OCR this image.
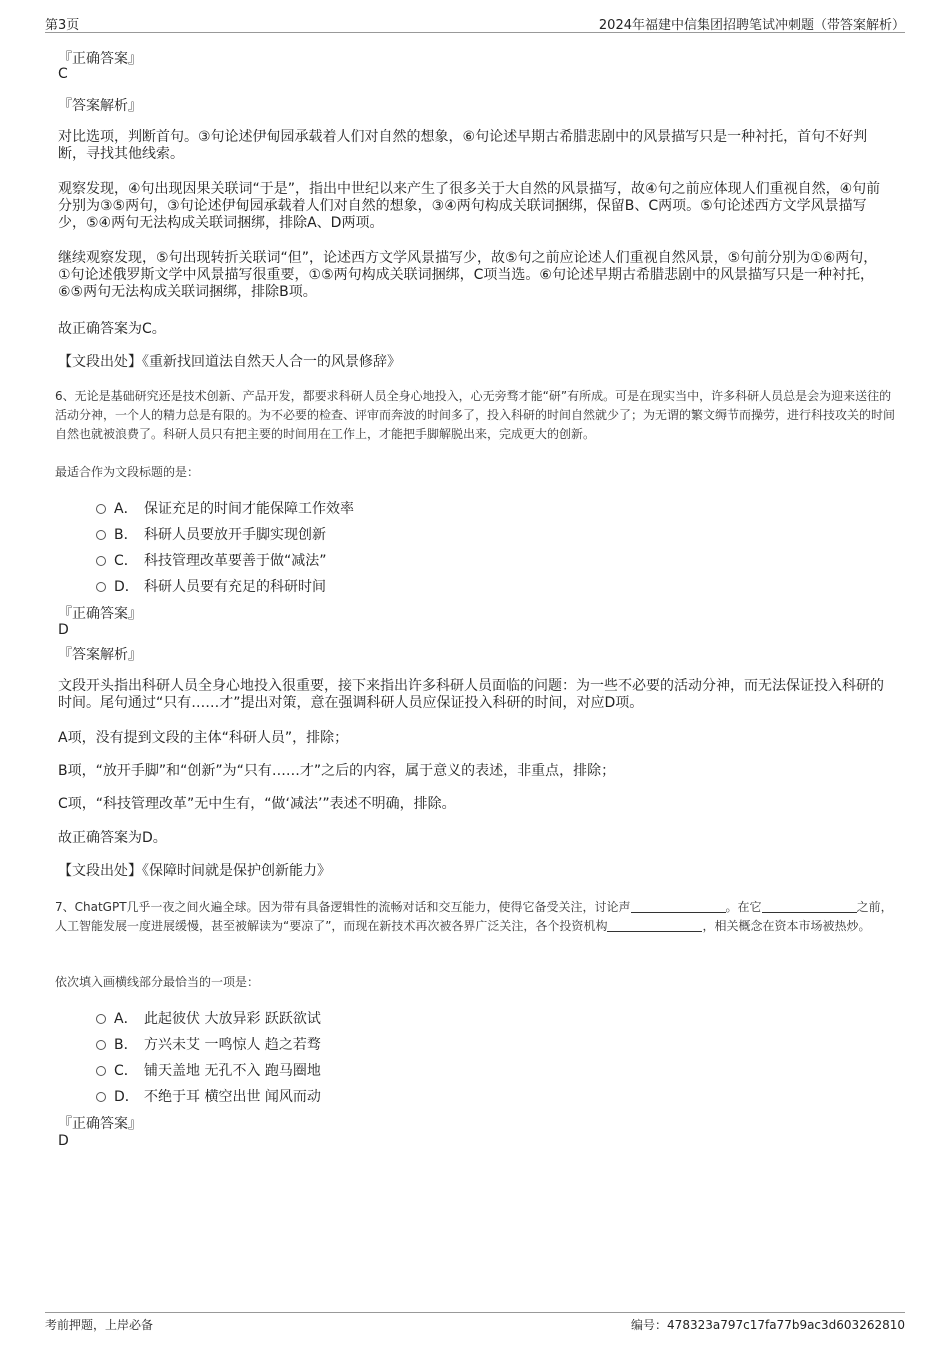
第3页	2024年福建中信集团招聘笔试冲刺题（带答案解析）
『正确答案』
C
『答案解析』
对比选项，判断首句。③句论述伊甸园承载着人们对自然的想象，⑥句论述早期古希腊悲剧中的风景描写只是一种衬托，首句不好判断，寻找其他线索。
观察发现，④句出现因果关联词“于是”，指出中世纪以来产生了很多关于大自然的风景描写，故④句之前应体现人们重视自然，④句前分别为③⑤两句，③句论述伊甸园承载着人们对自然的想象，③④两句构成关联词捆绑，保留B、C两项。⑤句论述西方文学风景描写少，⑤④两句无法构成关联词捆绑，排除A、D两项。
继续观察发现，⑤句出现转折关联词“但”，论述西方文学风景描写少，故⑤句之前应论述人们重视自然风景，⑤句前分别为①⑥两句，①句论述俄罗斯文学中风景描写很重要，①⑤两句构成关联词捆绑，C项当选。⑥句论述早期古希腊悲剧中的风景描写只是一种衬托，⑥⑤两句无法构成关联词捆绑，排除B项。
故正确答案为C。
【文段出处】《重新找回道法自然天人合一的风景修辞》
6、无论是基础研究还是技术创新、产品开发，都要求科研人员全身心地投入，心无旁骛才能“研”有所成。可是在现实当中，许多科研人员总是会为迎来送往的活动分神，一个人的精力总是有限的。为不必要的检查、评审而奔波的时间多了，投入科研的时间自然就少了；为无谓的繁文缛节而操劳，进行科技攻关的时间自然也就被浪费了。科研人员只有把主要的时间用在工作上，才能把手脚解脱出来，完成更大的创新。
最适合作为文段标题的是：
A． 保证充足的时间才能保障工作效率
B． 科研人员要放开手脚实现创新
C． 科技管理改革要善于做“减法”
D． 科研人员要有充足的科研时间
『正确答案』
D
『答案解析』
文段开头指出科研人员全身心地投入很重要，接下来指出许多科研人员面临的问题：为一些不必要的活动分神，而无法保证投入科研的时间。尾句通过“只有……才”提出对策，意在强调科研人员应保证投入科研的时间，对应D项。
A项，没有提到文段的主体“科研人员”，排除；
B项，“放开手脚”和“创新”为“只有……才”之后的内容，属于意义的表述，非重点，排除；
C项，“科技管理改革”无中生有，“做‘减法’”表述不明确，排除。
故正确答案为D。
【文段出处】《保障时间就是保护创新能力》
7、ChatGPT几乎一夜之间火遍全球。因为带有具备逻辑性的流畅对话和交互能力，使得它备受关注，讨论声	。在它	之前，人工智能发展一度进展缓慢，甚至被解读为“要凉了”，而现在新技术再次被各界广泛关注，各个投资机构	，相关概念在资本市场被热炒。
依次填入画横线部分最恰当的一项是：
A． 此起彼伏 大放异彩 跃跃欲试
B． 方兴未艾 一鸣惊人 趋之若骛
C． 铺天盖地 无孔不入 跑马圈地
D． 不绝于耳 横空出世 闻风而动
『正确答案』
D
考前押题，上岸必备	编号：478323a797c17fa77b9ac3d603262810
